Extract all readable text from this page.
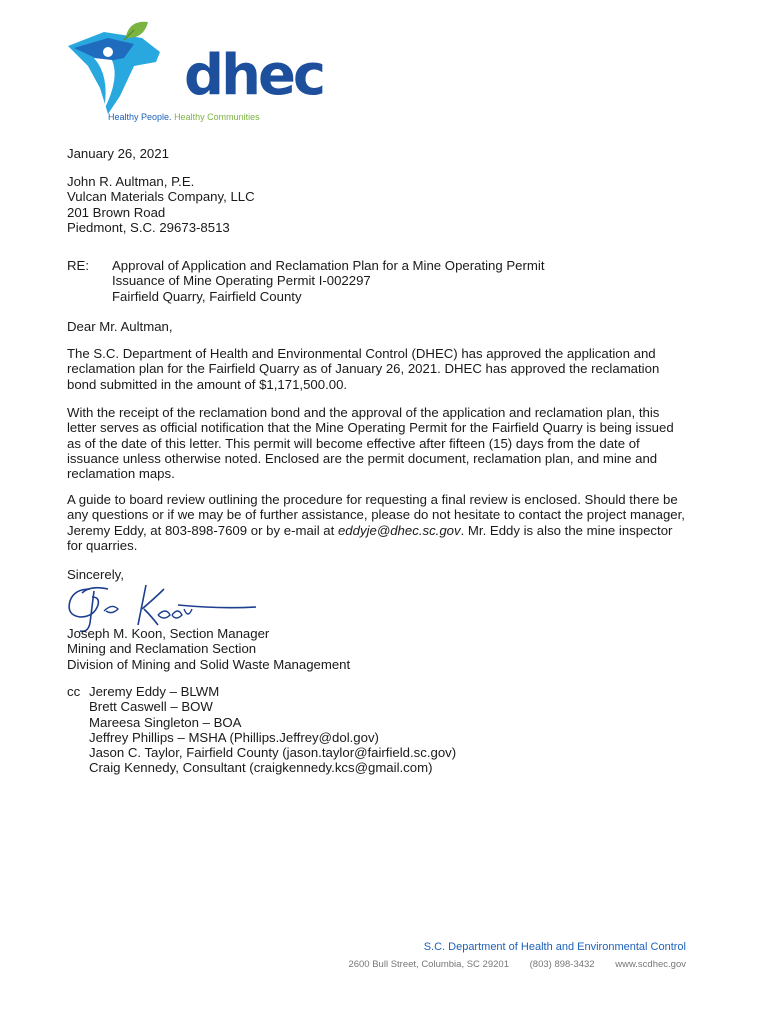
dhec
Healthy People. Healthy Communities
January 26, 2021
John R. Aultman, P.E.
Vulcan Materials Company, LLC
201 Brown Road
Piedmont, S.C. 29673-8513
RE: Approval of Application and Reclamation Plan for a Mine Operating Permit
Issuance of Mine Operating Permit I-002297
Fairfield Quarry, Fairfield County
Dear Mr. Aultman,
The S.C. Department of Health and Environmental Control (DHEC) has approved the application and
reclamation plan for the Fairfield Quarry as of January 26, 2021. DHEC has approved the reclamation
bond submitted in the amount of $1,171,500.00.
With the receipt of the reclamation bond and the approval of the application and reclamation plan, this
letter serves as official notification that the Mine Operating Permit for the Fairfield Quarry is being issued
as of the date of this letter. This permit will become effective after fifteen (15) days from the date of
issuance unless otherwise noted. Enclosed are the permit document, reclamation plan, and mine and
reclamation maps.
A guide to board review outlining the procedure for requesting a final review is enclosed. Should there be
any questions or if we may be of further assistance, please do not hesitate to contact the project manager,
Jeremy Eddy, at 803-898-7609 or by e-mail at eddyje@dhec.sc.gov. Mr. Eddy is also the mine inspector
for quarries.
Sincerely,
Joseph M. Koon, Section Manager
Mining and Reclamation Section
Division of Mining and Solid Waste Management
cc Jeremy Eddy – BLWM
Brett Caswell – BOW
Mareesa Singleton – BOA
Jeffrey Phillips – MSHA (Phillips.Jeffrey@dol.gov)
Jason C. Taylor, Fairfield County (jason.taylor@fairfield.sc.gov)
Craig Kennedy, Consultant (craigkennedy.kcs@gmail.com)
S.C. Department of Health and Environmental Control
2600 Bull Street, Columbia, SC 29201 (803) 898-3432 www.scdhec.gov
